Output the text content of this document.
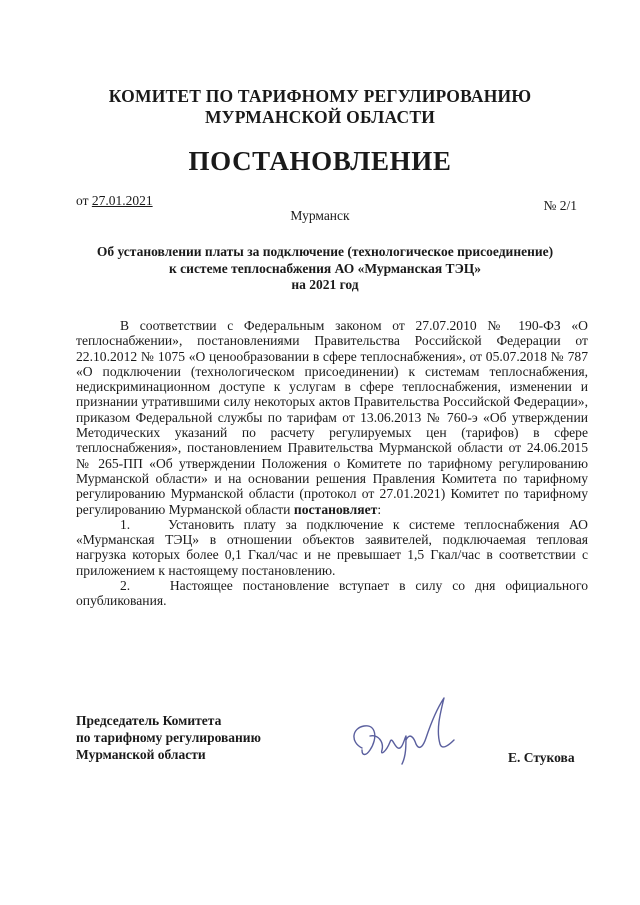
КОМИТЕТ ПО ТАРИФНОМУ РЕГУЛИРОВАНИЮ
МУРМАНСКОЙ ОБЛАСТИ
ПОСТАНОВЛЕНИЕ
от 27.01.2021	№ 2/1
Мурманск
Об установлении платы за подключение (технологическое присоединение)
к системе теплоснабжения АО «Мурманская ТЭЦ»
на 2021 год

В соответствии с Федеральным законом от 27.07.2010 № 190-ФЗ «О теплоснабжении», постановлениями Правительства Российской Федерации от 22.10.2012 № 1075 «О ценообразовании в сфере теплоснабжения», от 05.07.2018 № 787 «О подключении (технологическом присоединении) к системам теплоснабжения, недискриминационном доступе к услугам в сфере теплоснабжения, изменении и признании утратившими силу некоторых актов Правительства Российской Федерации», приказом Федеральной службы по тарифам от 13.06.2013 № 760-э «Об утверждении Методических указаний по расчету регулируемых цен (тарифов) в сфере теплоснабжения», постановлением Правительства Мурманской области от 24.06.2015 № 265-ПП «Об утверждении Положения о Комитете по тарифному регулированию Мурманской области» и на основании решения Правления Комитета по тарифному регулированию Мурманской области (протокол от 27.01.2021) Комитет по тарифному регулированию Мурманской области постановляет:

1.    Установить плату за подключение к системе теплоснабжения АО «Мурманская ТЭЦ» в отношении объектов заявителей, подключаемая тепловая нагрузка которых более 0,1 Гкал/час и не превышает 1,5 Гкал/час в соответствии с приложением к настоящему постановлению.

2.    Настоящее постановление вступает в силу со дня официального опубликования.

Председатель Комитета
по тарифному регулированию
Мурманской области	Е. Стукова
